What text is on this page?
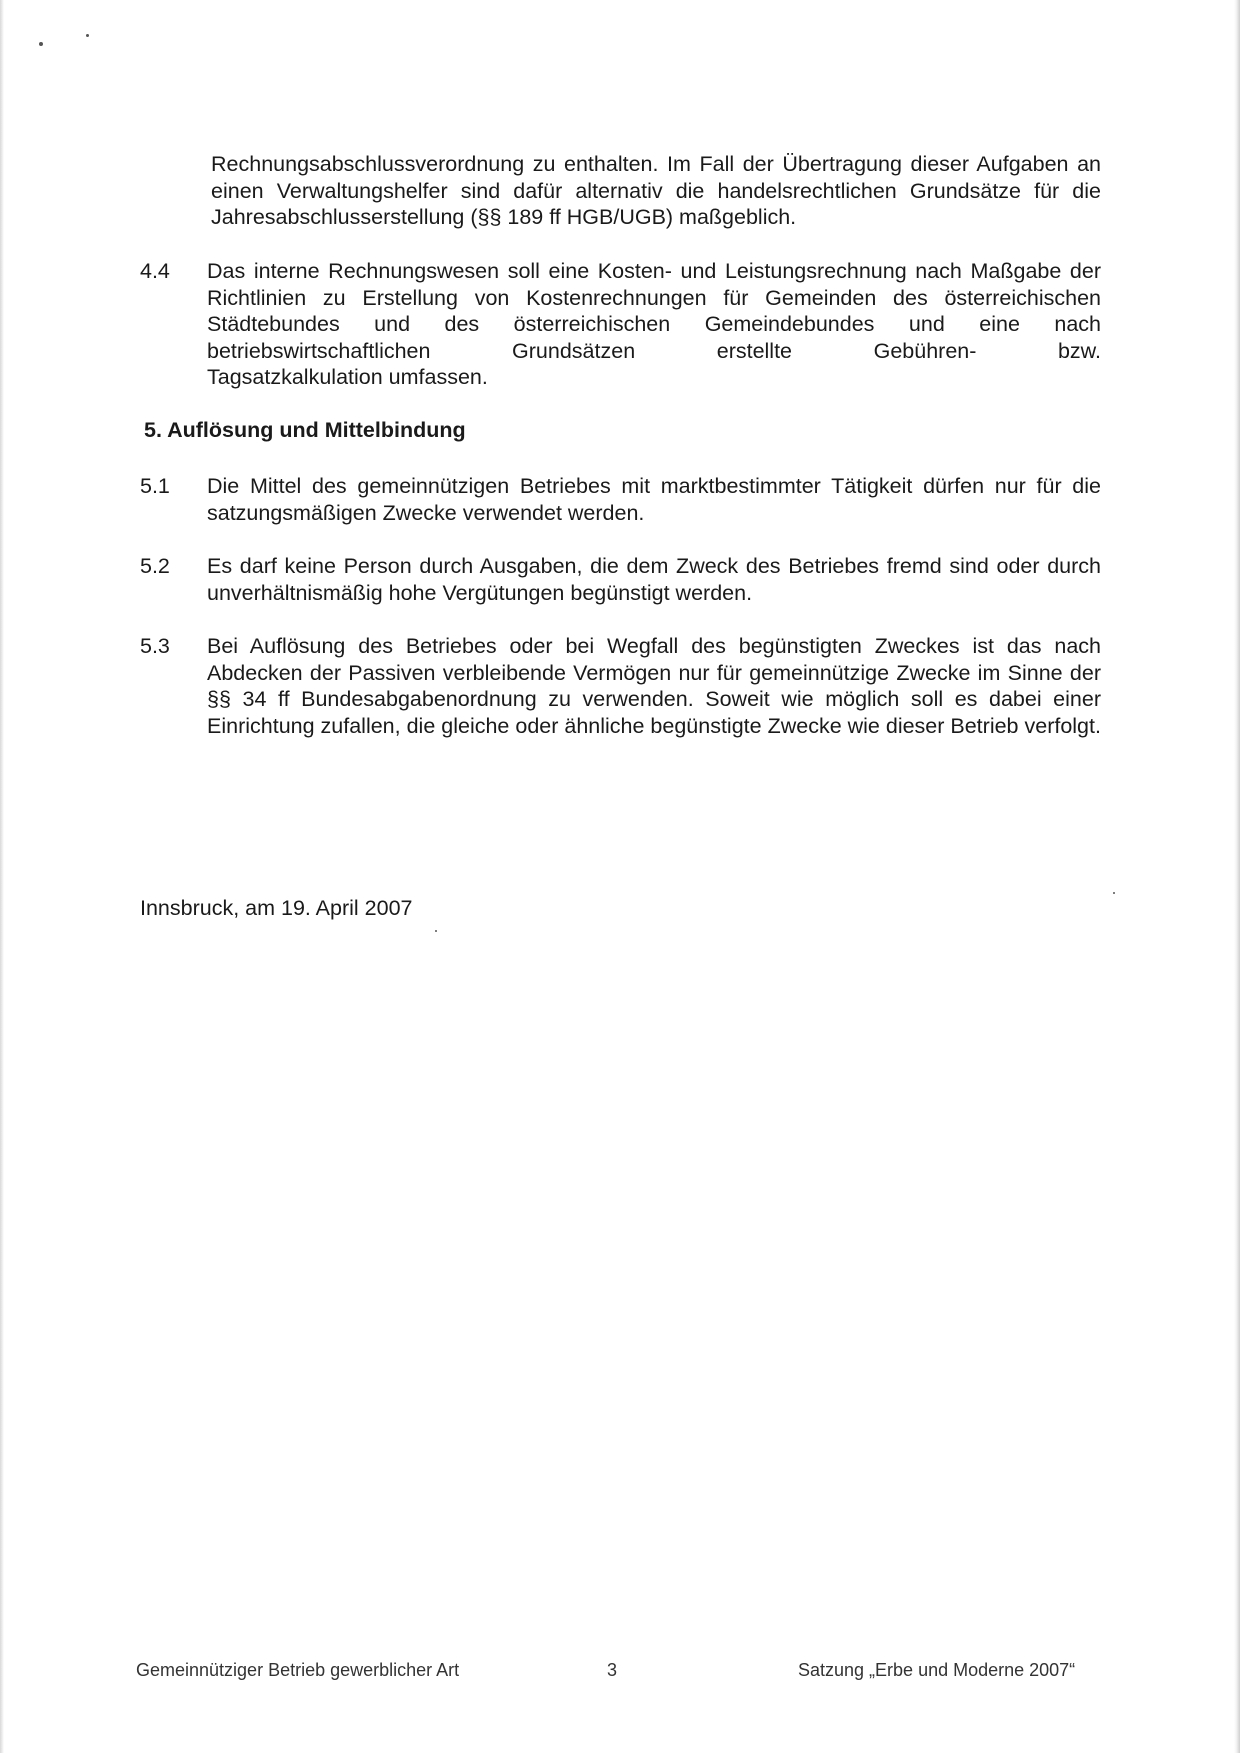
Rechnungsabschlussverordnung zu enthalten. Im Fall der Übertragung dieser Aufgaben an einen Verwaltungshelfer sind dafür alternativ die handelsrechtlichen Grundsätze für die Jahresabschlusserstellung (§§ 189 ff HGB/UGB) maßgeblich.

4.4	Das interne Rechnungswesen soll eine Kosten- und Leistungsrechnung nach Maßgabe der Richtlinien zu Erstellung von Kostenrechnungen für Gemeinden des österreichischen Städtebundes und des österreichischen Gemeindebundes und eine nach betriebswirtschaftlichen Grundsätzen erstellte Gebühren- bzw.
Tagsatzkalkulation umfassen.
5. Auflösung und Mittelbindung
5.1	Die Mittel des gemeinnützigen Betriebes mit marktbestimmter Tätigkeit dürfen nur für die satzungsmäßigen Zwecke verwendet werden.
5.2	Es darf keine Person durch Ausgaben, die dem Zweck des Betriebes fremd sind oder durch unverhältnismäßig hohe Vergütungen begünstigt werden.
5.3	Bei Auflösung des Betriebes oder bei Wegfall des begünstigten Zweckes ist das nach Abdecken der Passiven verbleibende Vermögen nur für gemeinnützige Zwecke im Sinne der §§ 34 ff Bundesabgabenordnung zu verwenden. Soweit wie möglich soll es dabei einer Einrichtung zufallen, die gleiche oder ähnliche begünstigte Zwecke wie dieser Betrieb verfolgt.
Innsbruck, am 19. April 2007
Gemeinnütziger Betrieb gewerblicher Art	3	Satzung „Erbe und Moderne 2007“
